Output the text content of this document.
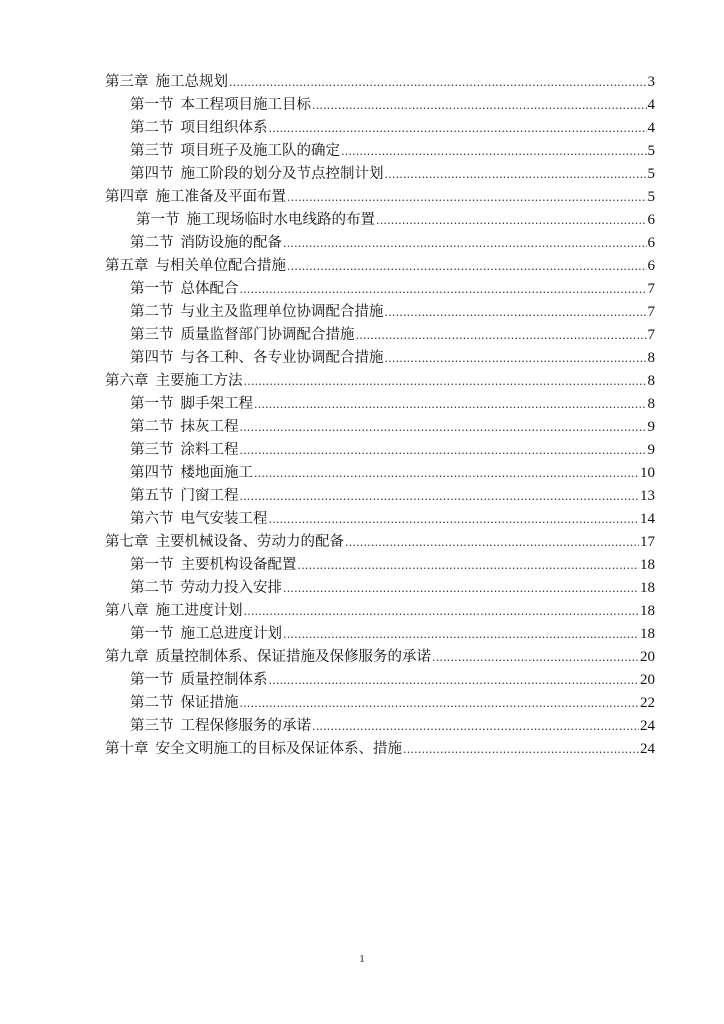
第三章 施工总规划 .....	3
第一节 本工程项目施工目标 .....	4
第二节 项目组织体系 .....	4
第三节 项目班子及施工队的确定 .....	5
第四节 施工阶段的划分及节点控制计划 .....	5
第四章 施工准备及平面布置 .....	5
第一节 施工现场临时水电线路的布置 .....	6
第二节 消防设施的配备 .....	6
第五章 与相关单位配合措施 .....	6
第一节 总体配合 .....	7
第二节 与业主及监理单位协调配合措施 .....	7
第三节 质量监督部门协调配合措施 .....	7
第四节 与各工种、各专业协调配合措施 .....	8
第六章 主要施工方法 .....	8
第一节 脚手架工程 .....	8
第二节 抹灰工程 .....	9
第三节 涂料工程 .....	9
第四节 楼地面施工 .....	10
第五节 门窗工程 .....	13
第六节 电气安装工程 .....	14
第七章 主要机械设备、劳动力的配备 .....	17
第一节 主要机构设备配置 .....	18
第二节 劳动力投入安排 .....	18
第八章 施工进度计划 .....	18
第一节 施工总进度计划 .....	18
第九章 质量控制体系、保证措施及保修服务的承诺 .....	20
第一节 质量控制体系 .....	20
第二节 保证措施 .....	22
第三节 工程保修服务的承诺 .....	24
第十章 安全文明施工的目标及保证体系、措施 .....	24
1
